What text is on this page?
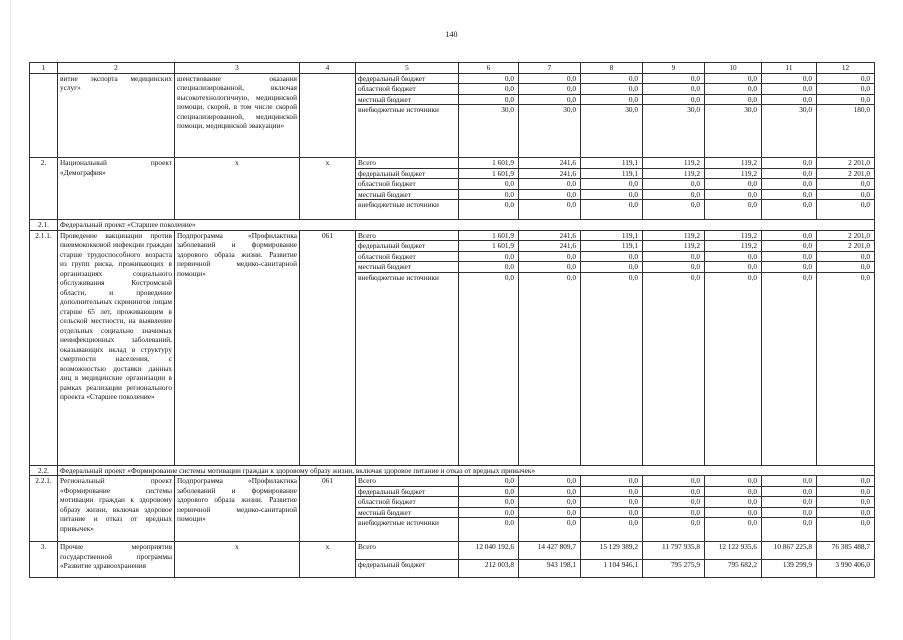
140
1	2	3	4	5	6	7	8	9	10	11	12
	витие экспорта медицинских услуг»	шенствование оказания специализированной, включая высокотехнологичную, медицинской помощи, скорой, в том числе скорой специализированной, медицинской помощи, медицинской эвакуации»		федеральный бюджет	0,0	0,0	0,0	0,0	0,0	0,0	0,0
				областной бюджет	0,0	0,0	0,0	0,0	0,0	0,0	0,0
				местный бюджет	0,0	0,0	0,0	0,0	0,0	0,0	0,0
				внебюджетные источники	30,0	30,0	30,0	30,0	30,0	30,0	180,0
2.	Национальный проект «Демография»	х	х	Всего	1 601,9	241,6	119,1	119,2	119,2	0,0	2 201,0
				федеральный бюджет	1 601,9	241,6	119,1	119,2	119,2	0,0	2 201,0
				областной бюджет	0,0	0,0	0,0	0,0	0,0	0,0	0,0
				местный бюджет	0,0	0,0	0,0	0,0	0,0	0,0	0,0
				внебюджетные источники	0,0	0,0	0,0	0,0	0,0	0,0	0,0
2.1.	Федеральный проект «Старшее поколение»										
2.1.1.	Проведение вакцинации против пневмококковой инфекции граждан старше трудоспособного возраста из групп риска, проживающих в организациях социального обслуживания Костромской области, и проведение дополнительных скринингов лицам старше 65 лет, проживающим в сельской местности, на выявление отдельных социально значимых неинфекционных заболеваний, оказывающих вклад в структуру смертности населения, с возможностью доставки данных лиц в медицинские организации в рамках реализации регионального проекта «Старшее поколение»	Подпрограмма «Профилактика заболеваний и формирование здорового образа жизни. Развитие первичной медико-санитарной помощи»	061	Всего	1 601,9	241,6	119,1	119,2	119,2	0,0	2 201,0
				федеральный бюджет	1 601,9	241,6	119,1	119,2	119,2	0,0	2 201,0
				областной бюджет	0,0	0,0	0,0	0,0	0,0	0,0	0,0
				местный бюджет	0,0	0,0	0,0	0,0	0,0	0,0	0,0
				внебюджетные источники	0,0	0,0	0,0	0,0	0,0	0,0	0,0
2.2.	Федеральный проект «Формирование системы мотивации граждан к здоровому образу жизни, включая здоровое питание и отказ от вредных привычек»										
2.2.1.	Региональный проект «Формирование системы мотивации граждан к здоровому образу жизни, включая здоровое питание и отказ от вредных привычек»	Подпрограмма «Профилактика заболеваний и формирование здорового образа жизни. Развитие первичной медико-санитарной помощи»	061	Всего	0,0	0,0	0,0	0,0	0,0	0,0	0,0
				федеральный бюджет	0,0	0,0	0,0	0,0	0,0	0,0	0,0
				областной бюджет	0,0	0,0	0,0	0,0	0,0	0,0	0,0
				местный бюджет	0,0	0,0	0,0	0,0	0,0	0,0	0,0
				внебюджетные источники	0,0	0,0	0,0	0,0	0,0	0,0	0,0
3.	Прочие мероприятия государственной программы «Развитие здравоохранения	х	х	Всего	12 040 192,6	14 427 809,7	15 129 389,2	11 797 935,8	12 122 935,6	10 867 225,8	76 385 488,7
				федеральный бюджет	212 003,8	943 198,1	1 104 946,1	795 275,9	795 682,2	139 299,9	3 990 406,0
